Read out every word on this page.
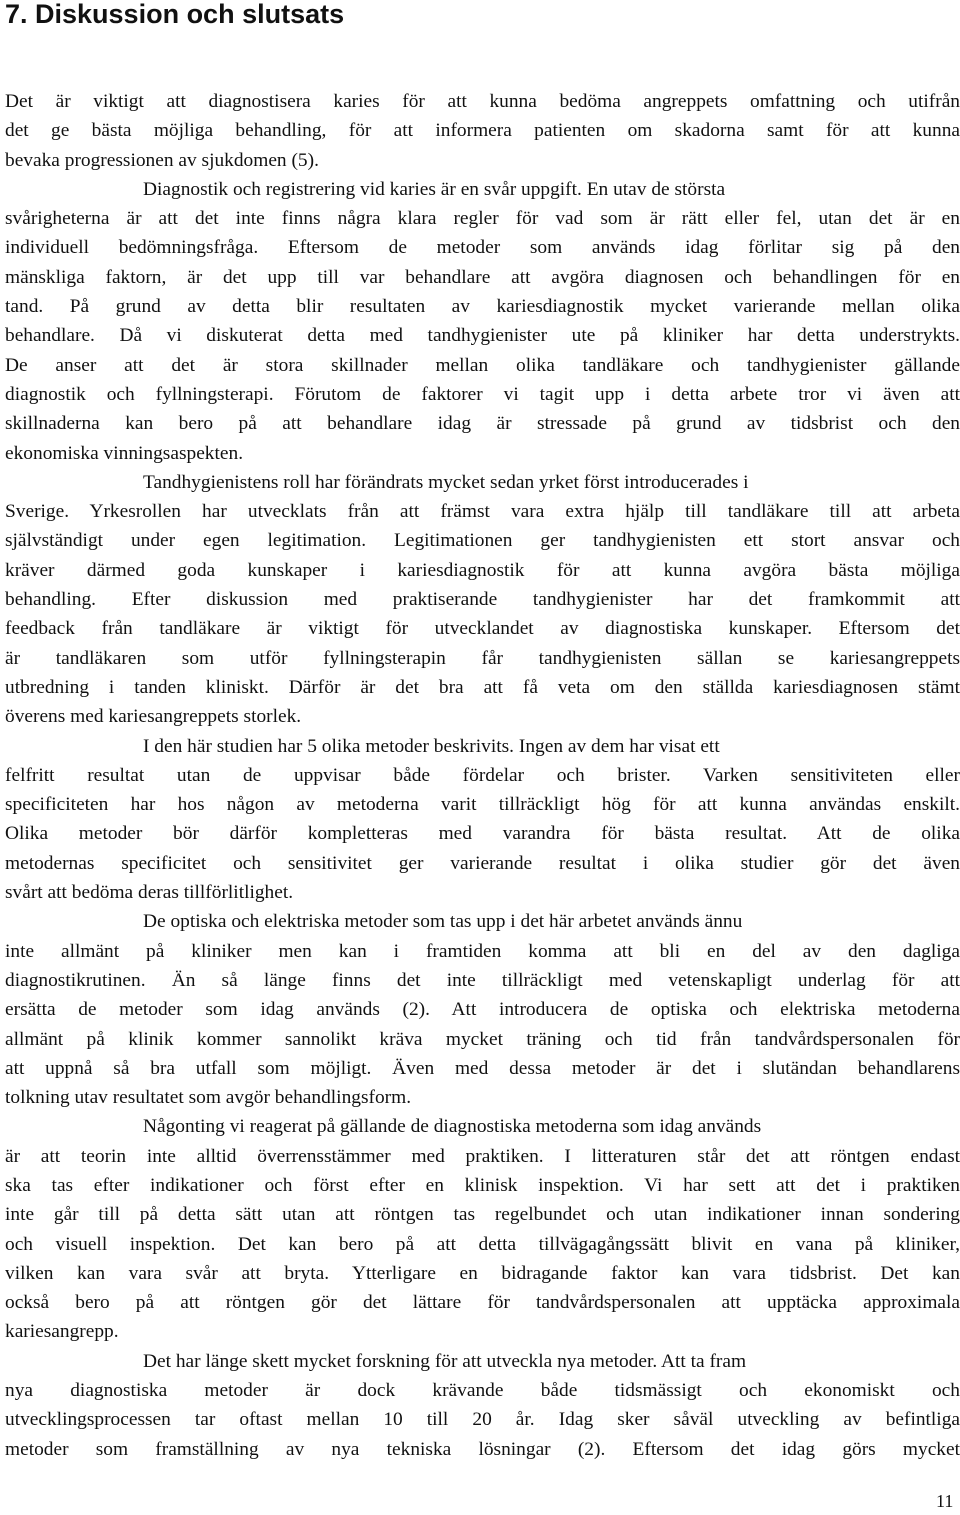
7. Diskussion och slutsats
Det är viktigt att diagnostisera karies för att kunna bedöma angreppets omfattning och utifrån
det ge bästa möjliga behandling, för att informera patienten om skadorna samt för att kunna
bevaka progressionen av sjukdomen (5).
Diagnostik och registrering vid karies är en svår uppgift. En utav de största
svårigheterna är att det inte finns några klara regler för vad som är rätt eller fel, utan det är en
individuell bedömningsfråga. Eftersom de metoder som används idag förlitar sig på den
mänskliga faktorn, är det upp till var behandlare att avgöra diagnosen och behandlingen för en
tand. På grund av detta blir resultaten av kariesdiagnostik mycket varierande mellan olika
behandlare. Då vi diskuterat detta med tandhygienister ute på kliniker har detta understrykts.
De anser att det är stora skillnader mellan olika tandläkare och tandhygienister gällande
diagnostik och fyllningsterapi. Förutom de faktorer vi tagit upp i detta arbete tror vi även att
skillnaderna kan bero på att behandlare idag är stressade på grund av tidsbrist och den
ekonomiska vinningsaspekten.
Tandhygienistens roll har förändrats mycket sedan yrket först introducerades i
Sverige. Yrkesrollen har utvecklats från att främst vara extra hjälp till tandläkare till att arbeta
självständigt under egen legitimation. Legitimationen ger tandhygienisten ett stort ansvar och
kräver därmed goda kunskaper i kariesdiagnostik för att kunna avgöra bästa möjliga
behandling. Efter diskussion med praktiserande tandhygienister har det framkommit att
feedback från tandläkare är viktigt för utvecklandet av diagnostiska kunskaper. Eftersom det
är tandläkaren som utför fyllningsterapin får tandhygienisten sällan se kariesangreppets
utbredning i tanden kliniskt. Därför är det bra att få veta om den ställda kariesdiagnosen stämt
överens med kariesangreppets storlek.
I den här studien har 5 olika metoder beskrivits. Ingen av dem har visat ett
felfritt resultat utan de uppvisar både fördelar och brister. Varken sensitiviteten eller
specificiteten har hos någon av metoderna varit tillräckligt hög för att kunna användas enskilt.
Olika metoder bör därför kompletteras med varandra för bästa resultat. Att de olika
metodernas specificitet och sensitivitet ger varierande resultat i olika studier gör det även
svårt att bedöma deras tillförlitlighet.
De optiska och elektriska metoder som tas upp i det här arbetet används ännu
inte allmänt på kliniker men kan i framtiden komma att bli en del av den dagliga
diagnostikrutinen. Än så länge finns det inte tillräckligt med vetenskapligt underlag för att
ersätta de metoder som idag används (2). Att introducera de optiska och elektriska metoderna
allmänt på klinik kommer sannolikt kräva mycket träning och tid från tandvårdspersonalen för
att uppnå så bra utfall som möjligt. Även med dessa metoder är det i slutändan behandlarens
tolkning utav resultatet som avgör behandlingsform.
Någonting vi reagerat på gällande de diagnostiska metoderna som idag används
är att teorin inte alltid överrensstämmer med praktiken. I litteraturen står det att röntgen endast
ska tas efter indikationer och först efter en klinisk inspektion. Vi har sett att det i praktiken
inte går till på detta sätt utan att röntgen tas regelbundet och utan indikationer innan sondering
och visuell inspektion. Det kan bero på att detta tillvägagångssätt blivit en vana på kliniker,
vilken kan vara svår att bryta. Ytterligare en bidragande faktor kan vara tidsbrist. Det kan
också bero på att röntgen gör det lättare för tandvårdspersonalen att upptäcka approximala
kariesangrepp.
Det har länge skett mycket forskning för att utveckla nya metoder. Att ta fram
nya diagnostiska metoder är dock krävande både tidsmässigt och ekonomiskt och
utvecklingsprocessen tar oftast mellan 10 till 20 år. Idag sker såväl utveckling av befintliga
metoder som framställning av nya tekniska lösningar (2). Eftersom det idag görs mycket
11
